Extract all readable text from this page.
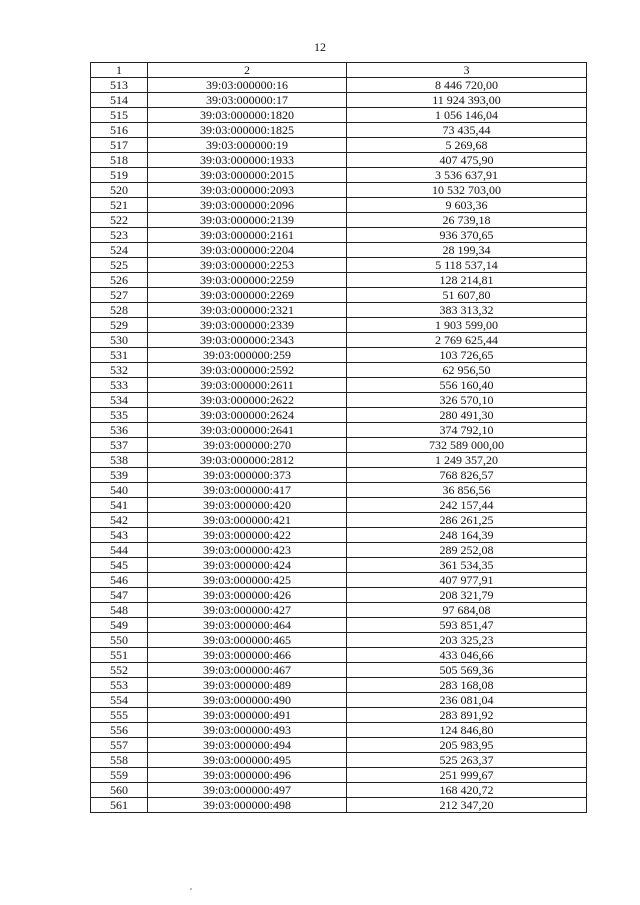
12
1	2	3
513	39:03:000000:16	8 446 720,00
514	39:03:000000:17	11 924 393,00
515	39:03:000000:1820	1 056 146,04
516	39:03:000000:1825	73 435,44
517	39:03:000000:19	5 269,68
518	39:03:000000:1933	407 475,90
519	39:03:000000:2015	3 536 637,91
520	39:03:000000:2093	10 532 703,00
521	39:03:000000:2096	9 603,36
522	39:03:000000:2139	26 739,18
523	39:03:000000:2161	936 370,65
524	39:03:000000:2204	28 199,34
525	39:03:000000:2253	5 118 537,14
526	39:03:000000:2259	128 214,81
527	39:03:000000:2269	51 607,80
528	39:03:000000:2321	383 313,32
529	39:03:000000:2339	1 903 599,00
530	39:03:000000:2343	2 769 625,44
531	39:03:000000:259	103 726,65
532	39:03:000000:2592	62 956,50
533	39:03:000000:2611	556 160,40
534	39:03:000000:2622	326 570,10
535	39:03:000000:2624	280 491,30
536	39:03:000000:2641	374 792,10
537	39:03:000000:270	732 589 000,00
538	39:03:000000:2812	1 249 357,20
539	39:03:000000:373	768 826,57
540	39:03:000000:417	36 856,56
541	39:03:000000:420	242 157,44
542	39:03:000000:421	286 261,25
543	39:03:000000:422	248 164,39
544	39:03:000000:423	289 252,08
545	39:03:000000:424	361 534,35
546	39:03:000000:425	407 977,91
547	39:03:000000:426	208 321,79
548	39:03:000000:427	97 684,08
549	39:03:000000:464	593 851,47
550	39:03:000000:465	203 325,23
551	39:03:000000:466	433 046,66
552	39:03:000000:467	505 569,36
553	39:03:000000:489	283 168,08
554	39:03:000000:490	236 081,04
555	39:03:000000:491	283 891,92
556	39:03:000000:493	124 846,80
557	39:03:000000:494	205 983,95
558	39:03:000000:495	525 263,37
559	39:03:000000:496	251 999,67
560	39:03:000000:497	168 420,72
561	39:03:000000:498	212 347,20
